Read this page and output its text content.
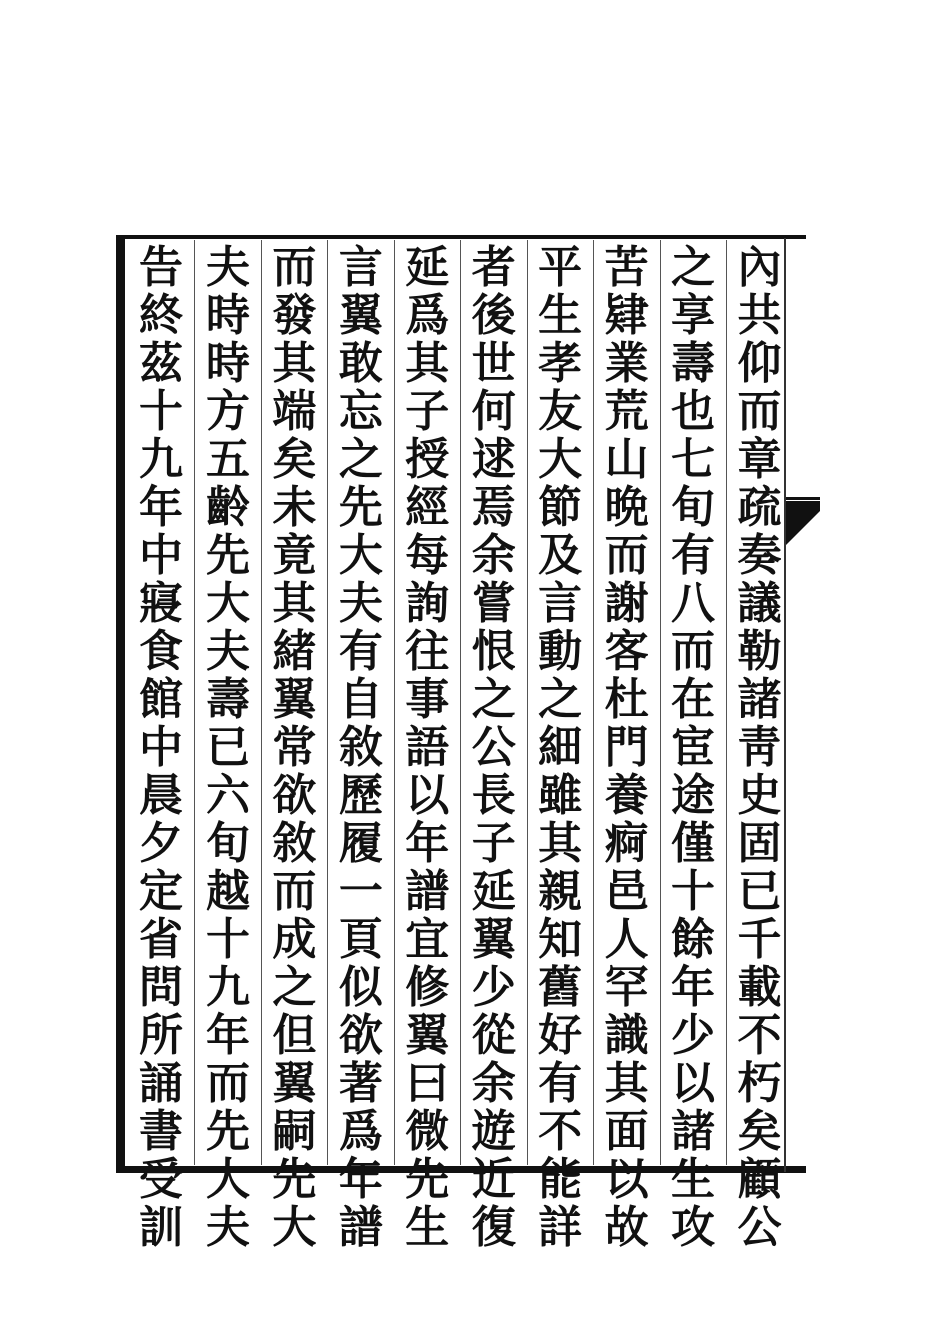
內
共
仰
而
章
疏
奏
議
勒
諸
靑
史
固
已
千
載
不
朽
矣
顧
公
之
享
壽
也
七
旬
有
八
而
在
宦
途
僅
十
餘
年
少
以
諸
生
攻
苦
肄
業
荒
山
晩
而
謝
客
杜
門
養
痾
邑
人
罕
識
其
面
以
故
平
生
孝
友
大
節
及
言
動
之
細
雖
其
親
知
舊
好
有
不
能
詳
者
後
世
何
逑
焉
余
嘗
恨
之
公
長
子
延
翼
少
從
余
遊
近
復
延
爲
其
子
授
經
每
詢
往
事
語
以
年
譜
宜
修
翼
曰
微
先
生
言
翼
敢
忘
之
先
大
夫
有
自
敘
歷
履
一
頁
似
欲
著
爲
年
譜
而
發
其
端
矣
未
竟
其
緒
翼
常
欲
敘
而
成
之
但
翼
嗣
先
大
夫
時
時
方
五
齡
先
大
夫
壽
已
六
旬
越
十
九
年
而
先
大
夫
告
終
茲
十
九
年
中
寢
食
館
中
晨
夕
定
省
問
所
誦
書
受
訓
